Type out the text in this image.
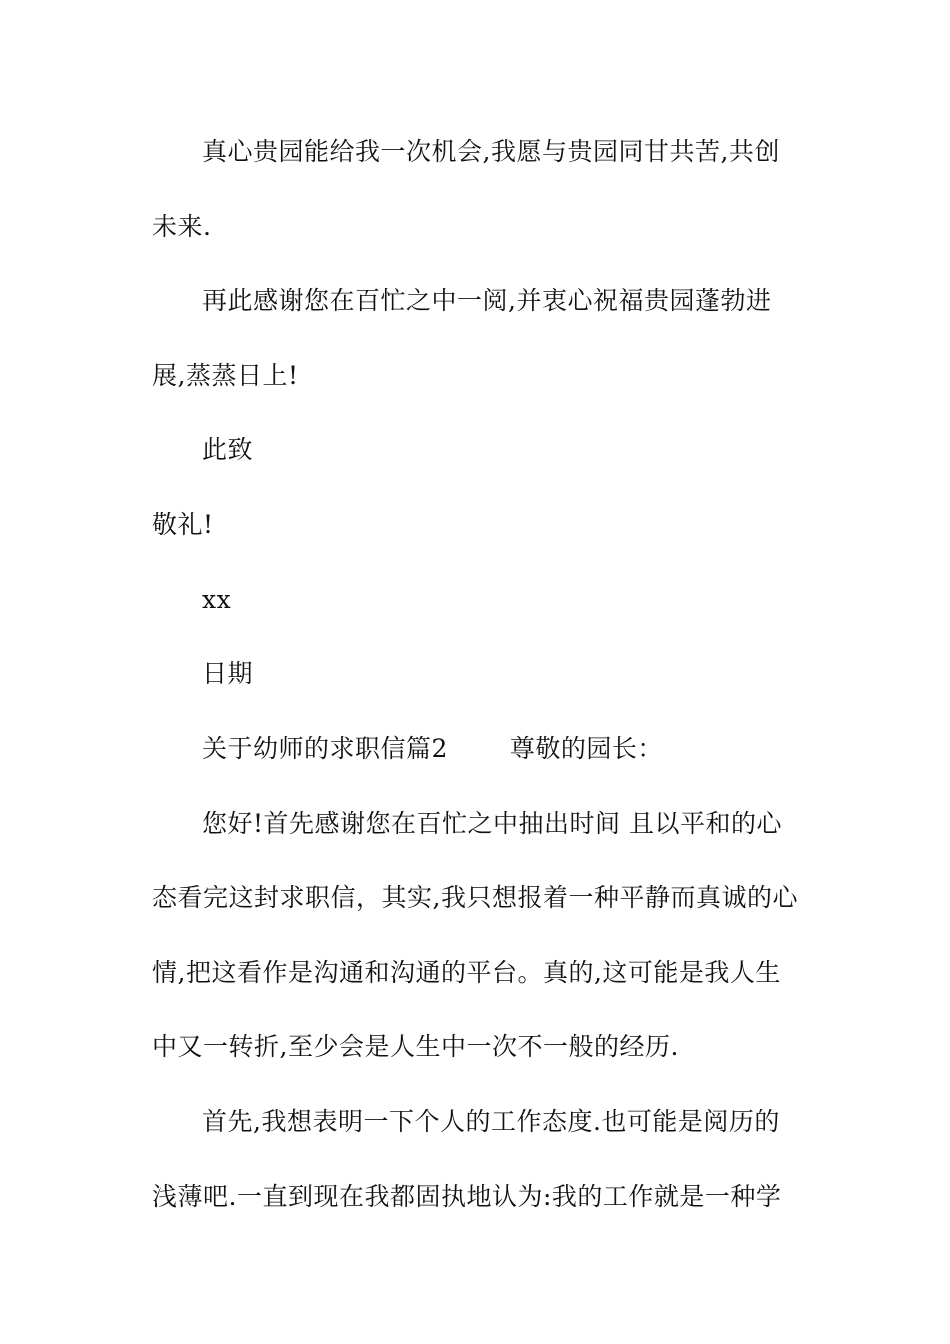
真心贵园能给我一次机会,我愿与贵园同甘共苦,共创
未来.
再此感谢您在百忙之中一阅,并衷心祝福贵园蓬勃进
展,蒸蒸日上!
此致
敬礼!
xx
日期
关于幼师的求职信篇2 尊敬的园长：
您好!首先感谢您在百忙之中抽出时间 且以平和的心
态看完这封求职信，其实,我只想报着一种平静而真诚的心
情,把这看作是沟通和沟通的平台。真的,这可能是我人生
中又一转折,至少会是人生中一次不一般的经历.
首先,我想表明一下个人的工作态度.也可能是阅历的
浅薄吧.一直到现在我都固执地认为:我的工作就是一种学
